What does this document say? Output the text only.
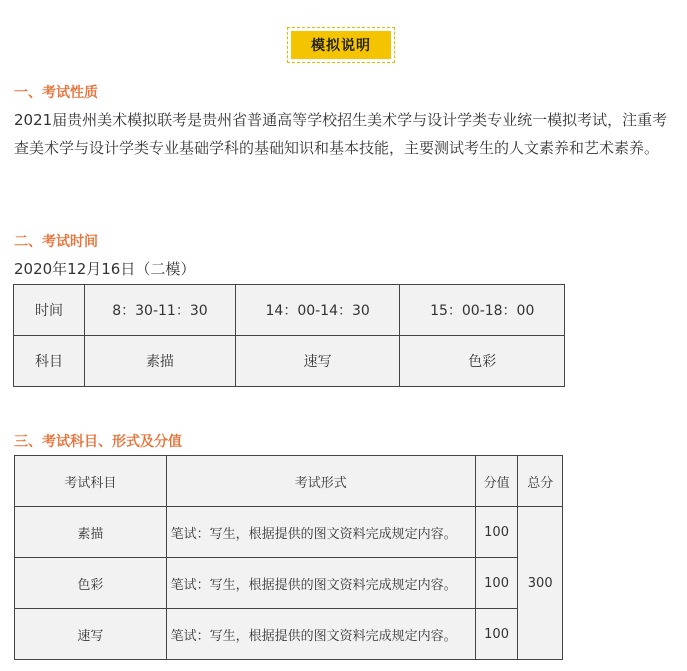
模拟说明
一、考试性质

2021届贵州美术模拟联考是贵州省普通高等学校招生美术学与设计学类专业统一模拟考试，注重考查美术学与设计学类专业基础学科的基础知识和基本技能，主要测试考生的人文素养和艺术素养。

二、考试时间
2020年12月16日（二模）
时间	8：30-11：30	14：00-14：30	15：00-18：00
科目	素描	速写	色彩
三、考试科目、形式及分值
考试科目	考试形式	分值	总分
素描	笔试：写生，根据提供的图文资料完成规定内容。	100	300
色彩	笔试：写生，根据提供的图文资料完成规定内容。	100	
速写	笔试：写生，根据提供的图文资料完成规定内容。	100	
